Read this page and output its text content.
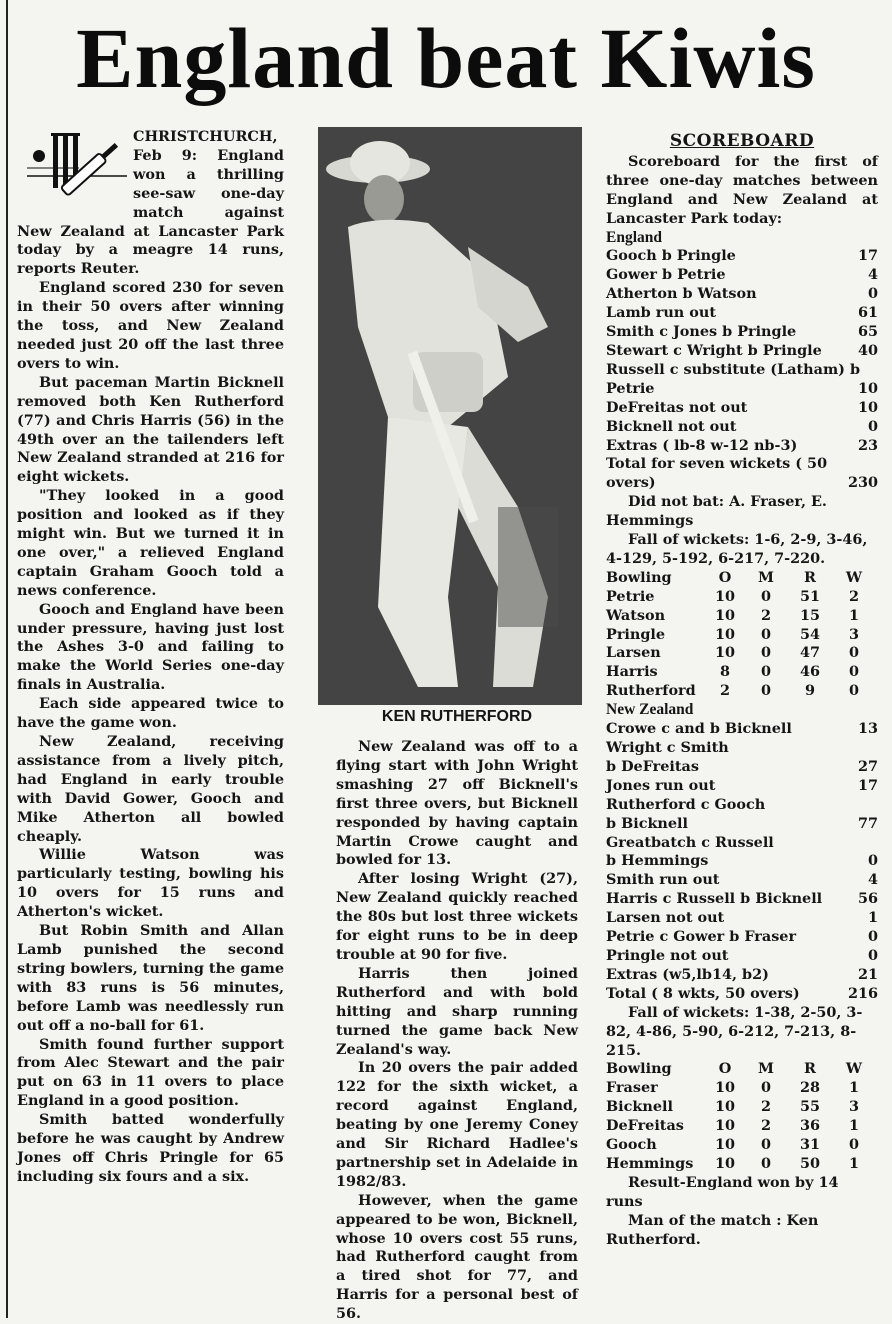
England beat Kiwis

CHRISTCHURCH, Feb 9: England won a thrilling see-saw one-day match against New Zealand at Lancaster Park today by a meagre 14 runs, reports Reuter.

England scored 230 for seven in their 50 overs after winning the toss, and New Zealand needed just 20 off the last three overs to win.

But paceman Martin Bicknell removed both Ken Rutherford (77) and Chris Harris (56) in the 49th over an the tailenders left New Zealand stranded at 216 for eight wickets.

"They looked in a good position and looked as if they might win. But we turned it in one over," a relieved England captain Graham Gooch told a news conference.

Gooch and England have been under pressure, having just lost the Ashes 3-0 and failing to make the World Series one-day finals in Australia.

Each side appeared twice to have the game won.

New Zealand, receiving assistance from a lively pitch, had England in early trouble with David Gower, Gooch and Mike Atherton all bowled cheaply.

Willie Watson was particularly testing, bowling his 10 overs for 15 runs and Atherton's wicket.

But Robin Smith and Allan Lamb punished the second string bowlers, turning the game with 83 runs is 56 minutes, before Lamb was needlessly run out off a no-ball for 61.

Smith found further support from Alec Stewart and the pair put on 63 in 11 overs to place England in a good position.

Smith batted wonderfully before he was caught by Andrew Jones off Chris Pringle for 65 including six fours and a six.

KEN RUTHERFORD

New Zealand was off to a flying start with John Wright smashing 27 off Bicknell's first three overs, but Bicknell responded by having captain Martin Crowe caught and bowled for 13.

After losing Wright (27), New Zealand quickly reached the 80s but lost three wickets for eight runs to be in deep trouble at 90 for five.

Harris then joined Rutherford and with bold hitting and sharp running turned the game back New Zealand's way.

In 20 overs the pair added 122 for the sixth wicket, a record against England, beating by one Jeremy Coney and Sir Richard Hadlee's partnership set in Adelaide in 1982/83.

However, when the game appeared to be won, Bicknell, whose 10 overs cost 55 runs, had Rutherford caught from a tired shot for 77, and Harris for a personal best of 56.

SCOREBOARD

Scoreboard for the first of three one-day matches between England and New Zealand at Lancaster Park today:

England
Gooch b Pringle	17
Gower b Petrie	4
Atherton b Watson	0
Lamb run out	61
Smith c Jones b Pringle	65
Stewart c Wright b Pringle	40
Russell c substitute (Latham) b
Petrie	10
DeFreitas not out	10
Bicknell not out	0
Extras ( lb-8 w-12 nb-3)	23
Total for seven wickets ( 50
overs)	230
Did not bat: A. Fraser, E. Hemmings
Fall of wickets: 1-6, 2-9, 3-46, 4-129, 5-192, 6-217, 7-220.
Bowling	O	M	R	W
Petrie	10	0	51	2
Watson	10	2	15	1
Pringle	10	0	54	3
Larsen	10	0	47	0
Harris	8	0	46	0
Rutherford	2	0	9	0
New Zealand
Crowe c and b Bicknell	13
Wright c Smith
b DeFreitas	27
Jones run out	17
Rutherford c Gooch
b Bicknell	77
Greatbatch c Russell
b Hemmings	0
Smith run out	4
Harris c Russell b Bicknell	56
Larsen not out	1
Petrie c Gower b Fraser	0
Pringle not out	0
Extras (w5,lb14, b2)	21
Total ( 8 wkts, 50 overs)	216
Fall of wickets: 1-38, 2-50, 3-82, 4-86, 5-90, 6-212, 7-213, 8- 215.
Bowling	O	M	R	W
Fraser	10	0	28	1
Bicknell	10	2	55	3
DeFreitas	10	2	36	1
Gooch	10	0	31	0
Hemmings	10	0	50	1
Result-England won by 14 runs
Man of the match : Ken Rutherford.
